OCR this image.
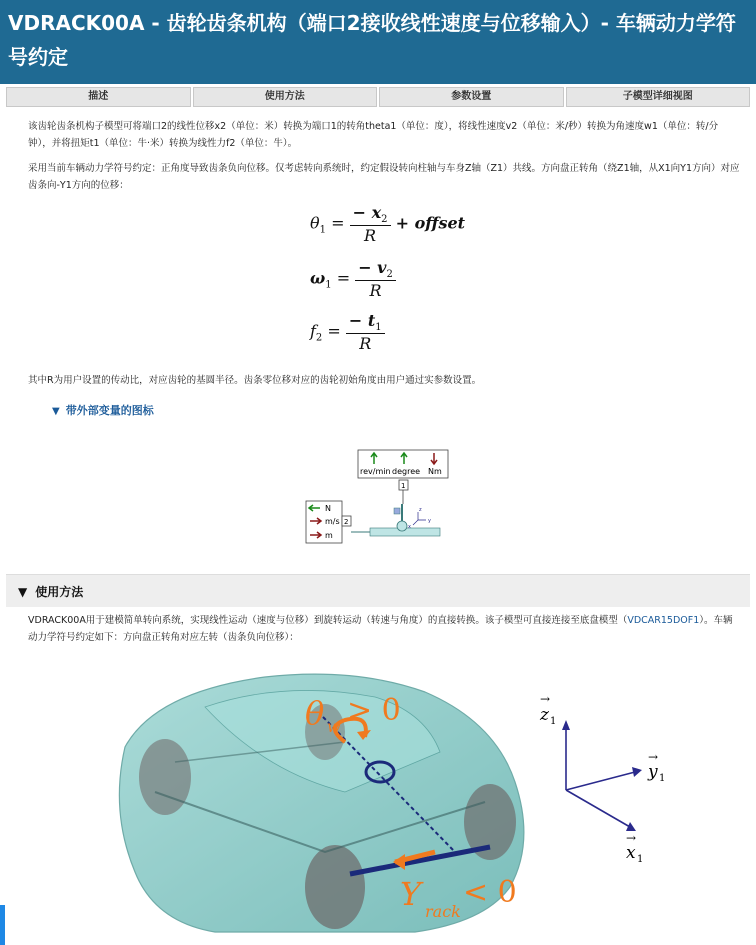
VDRACK00A - 齿轮齿条机构（端口2接收线性速度与位移输入）- 车辆动力学符号约定
描述	使用方法	参数设置	子模型详细视图
该齿轮齿条机构子模型可将端口2的线性位移x2（单位：米）转换为端口1的转角theta1（单位：度），将线性速度v2（单位：米/秒）转换为角速度w1（单位：转/分钟），并将扭矩t1（单位：牛·米）转换为线性力f2（单位：牛）。
采用当前车辆动力学符号约定：正角度导致齿条负向位移。仅考虑转向系统时，约定假设转向柱轴与车身Z轴（Z1）共线。方向盘正转角（绕Z1轴，从X1向Y1方向）对应齿条向-Y1方向的位移：
$\theta_1 = \frac{- x_2}{R}$ + offset
$\omega_1 = \frac{- v_2}{R}$
$f_2 = \frac{- t_1}{R}$
其中R为用户设置的传动比，对应齿轮的基圆半径。齿条零位移对应的齿轮初始角度由用户通过实参数设置。
▼ 带外部变量的图标
rev/min degree Nm
1
N
m/s
m
2
z
y
x
▼ 使用方法
VDRACK00A用于建模简单转向系统，实现线性运动（速度与位移）到旋转运动（转速与角度）的直接转换。该子模型可直接连接至底盘模型（VDCAR15DOF1）。车辆动力学符号约定如下：方向盘正转角对应左转（齿条负向位移）：
θ w > 0
Y rack
< 0
z 1
→
y 1
→
x 1
→
